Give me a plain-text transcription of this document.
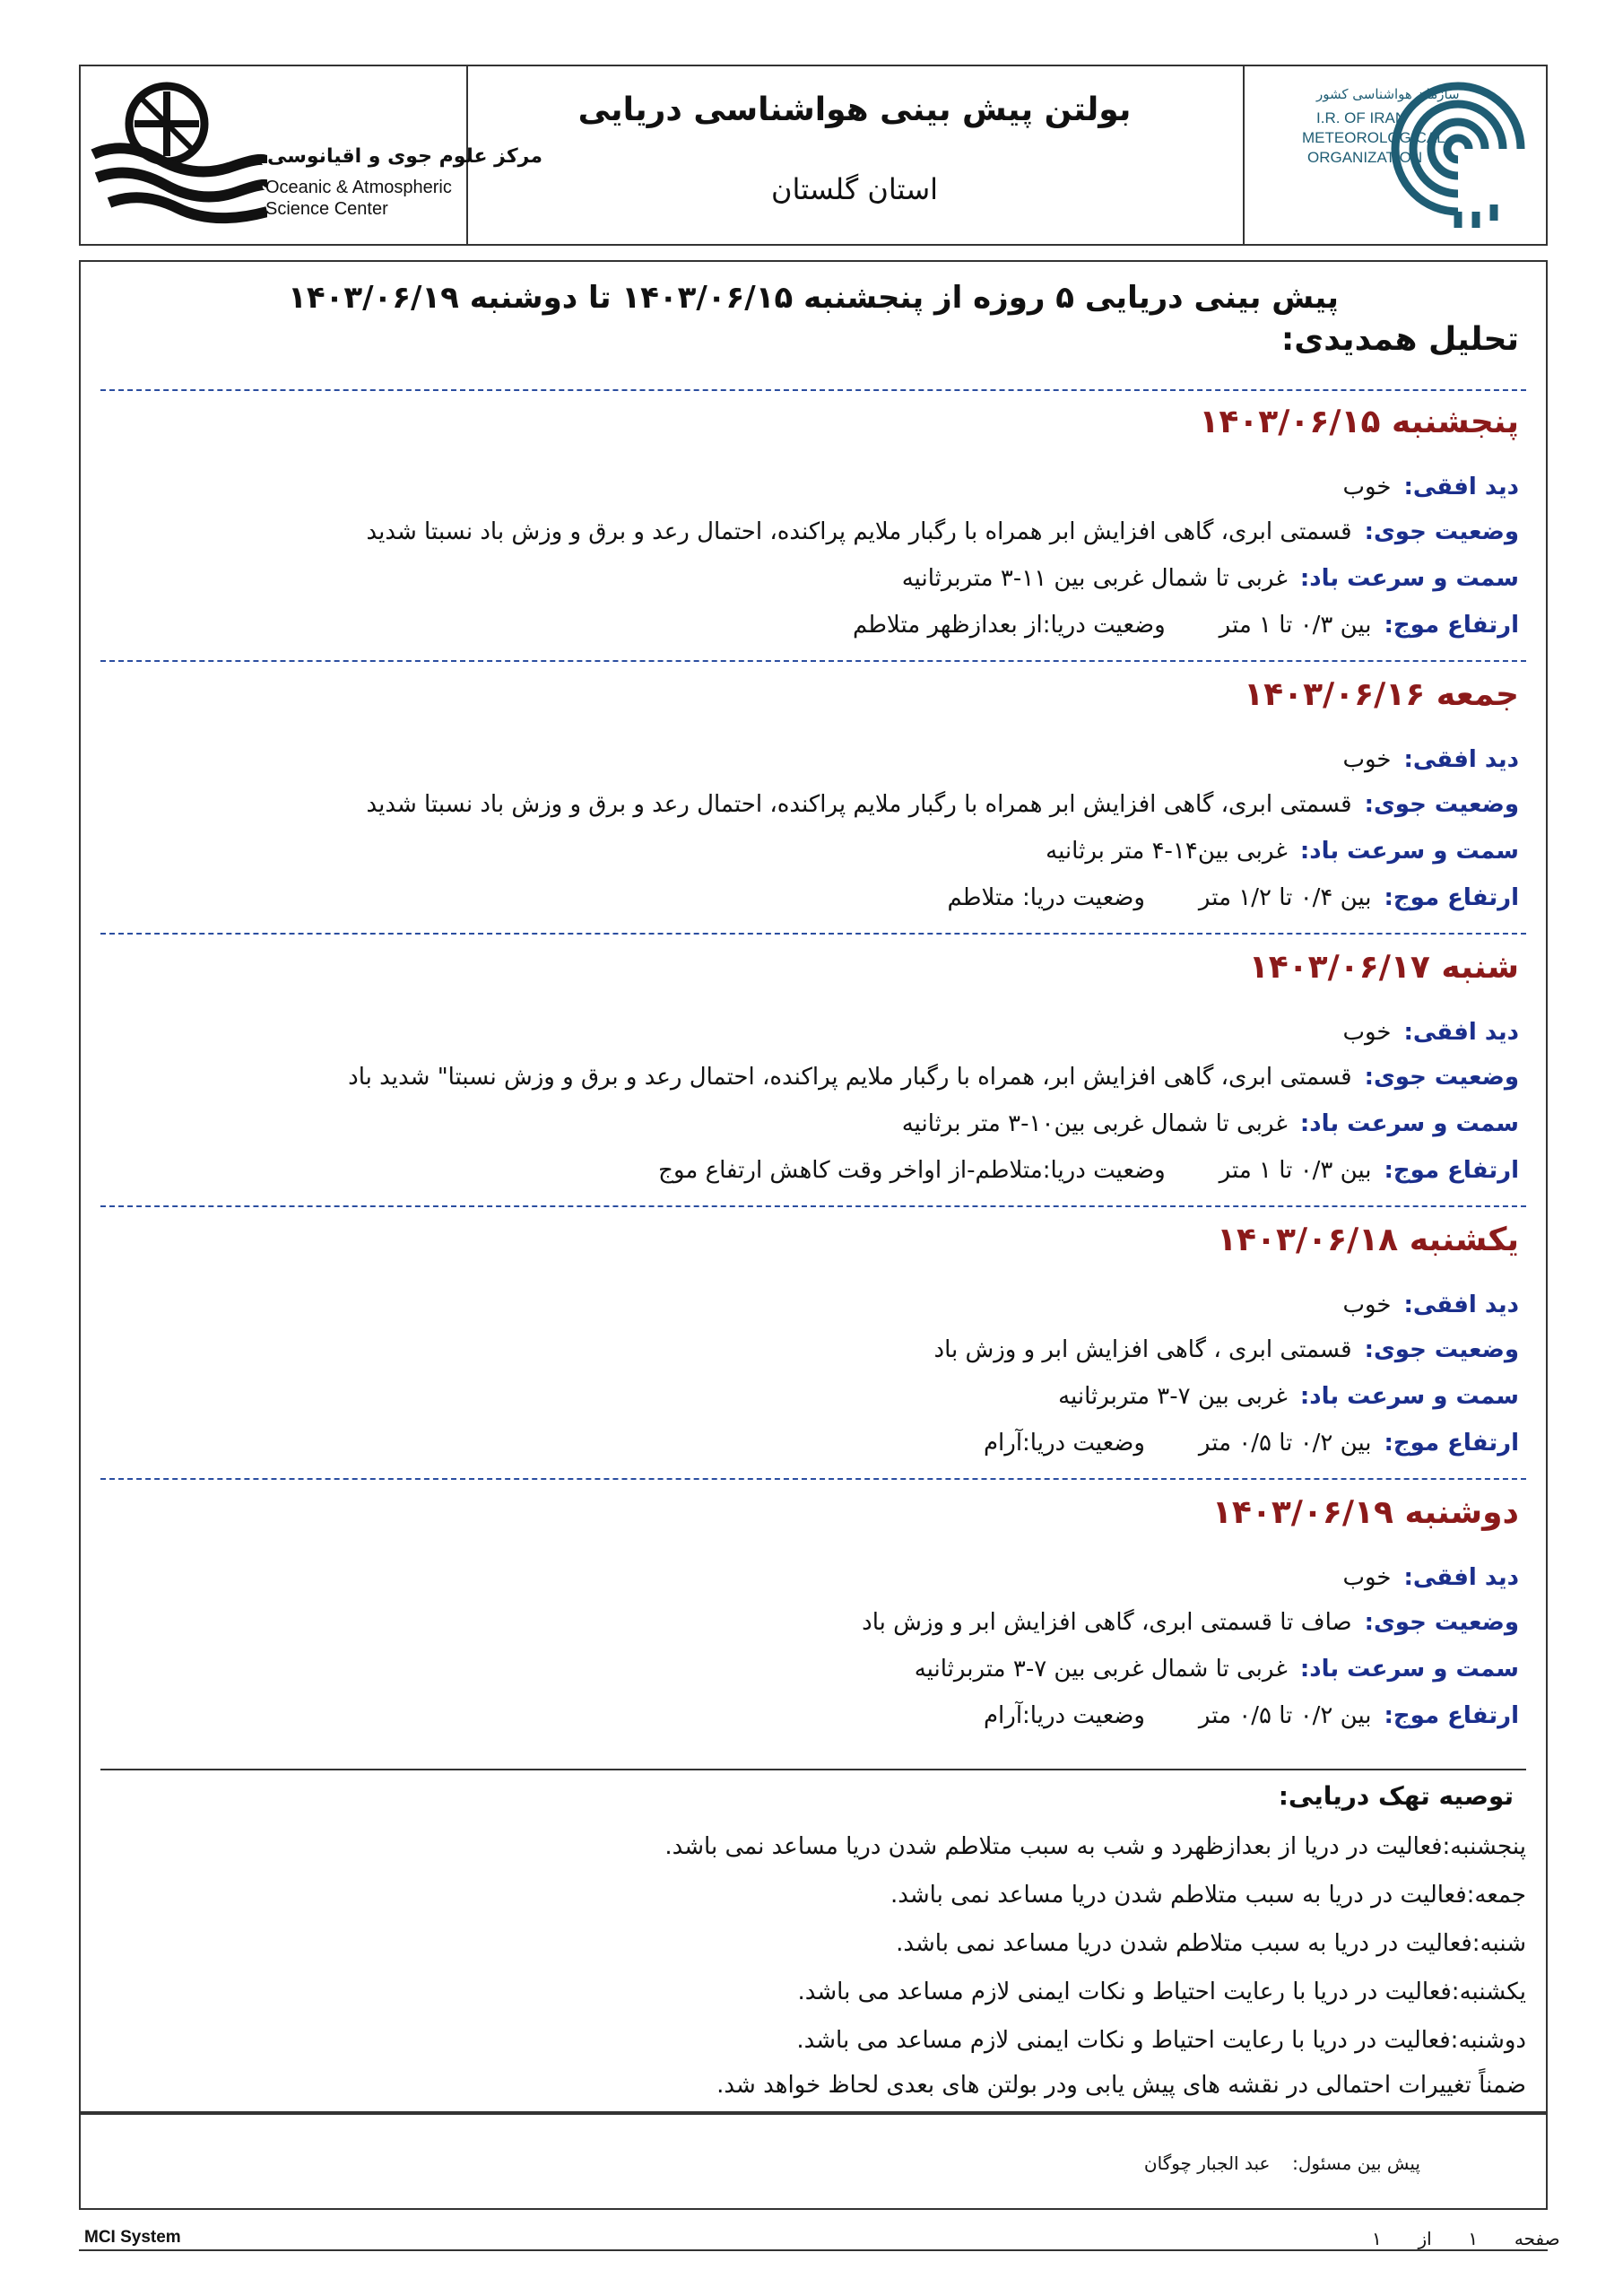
مرکز علوم جوی و اقیانوسی
Oceanic & Atmospheric
Science Center
بولتن پیش بینی هواشناسی دریایی
استان گلستان
سازمان هواشناسی کشور
I.R. OF IRAN
METEOROLOGICAL
ORGANIZATION
پیش بینی دریایی ۵ روزه از پنجشنبه ۱۴۰۳/۰۶/۱۵ تا دوشنبه ۱۴۰۳/۰۶/۱۹
تحلیل همدیدی:
پنجشنبه ۱۴۰۳/۰۶/۱۵
دید افقی:خوب
وضعیت جوی:قسمتی ابری، گاهی افزایش ابر همراه با رگبار ملایم پراکنده، احتمال رعد و برق و وزش باد نسبتا شدید
سمت و سرعت باد:غربی تا شمال غربی بین ۱۱-۳ متربرثانیه
ارتفاع موج:بین ۰/۳ تا ۱ متروضعیت دریا:از بعدازظهر متلاطم
جمعه ۱۴۰۳/۰۶/۱۶
دید افقی:خوب
وضعیت جوی:قسمتی ابری، گاهی افزایش ابر همراه با رگبار ملایم پراکنده، احتمال رعد و برق و وزش باد نسبتا شدید
سمت و سرعت باد:غربی بین۱۴-۴ متر برثانیه
ارتفاع موج:بین ۰/۴ تا ۱/۲ متروضعیت دریا: متلاطم
شنبه ۱۴۰۳/۰۶/۱۷
دید افقی:خوب
وضعیت جوی:قسمتی ابری، گاهی افزایش ابر، همراه با رگبار ملایم پراکنده، احتمال رعد و برق و وزش نسبتا" شدید باد
سمت و سرعت باد:غربی تا شمال غربی بین۱۰-۳ متر برثانیه
ارتفاع موج:بین ۰/۳ تا ۱ متروضعیت دریا:متلاطم-از اواخر وقت کاهش ارتفاع موج
یکشنبه ۱۴۰۳/۰۶/۱۸
دید افقی:خوب
وضعیت جوی:قسمتی ابری ، گاهی افزایش ابر و وزش باد
سمت و سرعت باد:غربی بین ۷-۳ متربرثانیه
ارتفاع موج:بین ۰/۲ تا ۰/۵ متروضعیت دریا:آرام
دوشنبه ۱۴۰۳/۰۶/۱۹
دید افقی:خوب
وضعیت جوی:صاف تا قسمتی ابری، گاهی افزایش ابر و وزش باد
سمت و سرعت باد:غربی تا شمال غربی بین ۷-۳ متربرثانیه
ارتفاع موج:بین ۰/۲ تا ۰/۵ متروضعیت دریا:آرام
توصیه تهک دریایی:
پنجشنبه:فعالیت در دریا از بعدازظهرد و شب به سبب متلاطم شدن دریا مساعد نمی باشد.
جمعه:فعالیت در دریا به سبب متلاطم شدن دریا مساعد نمی باشد.
شنبه:فعالیت در دریا به سبب متلاطم شدن دریا مساعد نمی باشد.
یکشنبه:فعالیت در دریا با رعایت احتیاط و نکات ایمنی لازم مساعد می باشد.
دوشنبه:فعالیت در دریا با رعایت احتیاط و نکات ایمنی لازم مساعد می باشد.
ضمناً تغییرات احتمالی در نقشه های پیش یابی ودر بولتن های بعدی لحاظ خواهد شد.
پیش بین مسئول:  عبد الجبار چوگان
MCI System	صفحه  ۱  از  ۱
